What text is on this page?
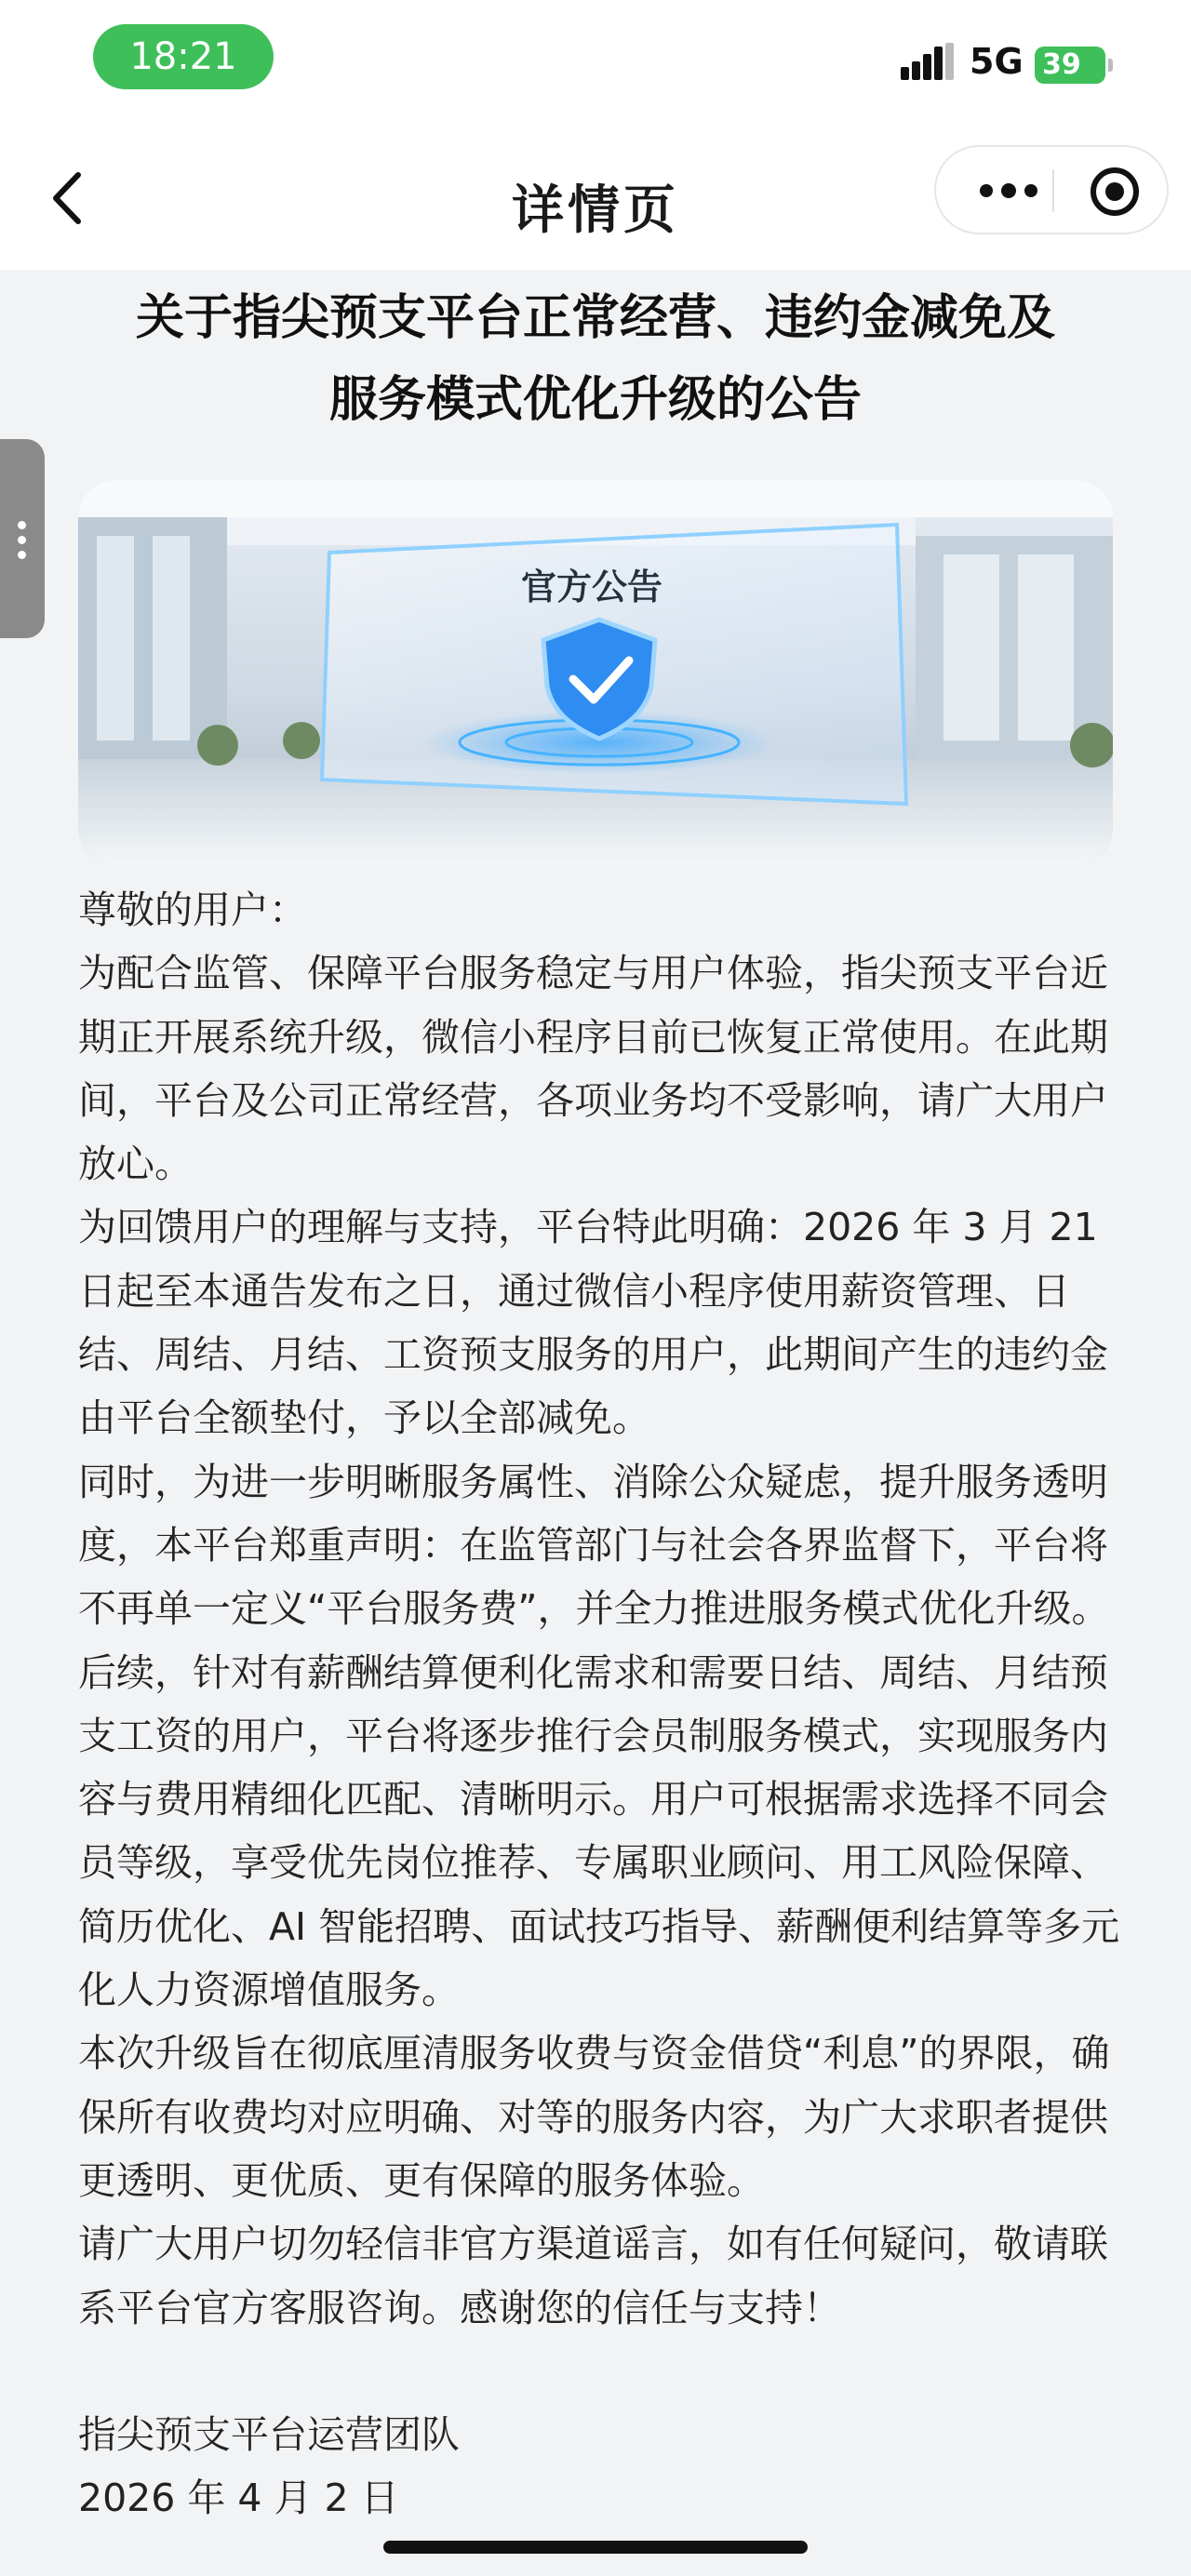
18:21	5G 39
详情页
关于指尖预支平台正常经营、违约金减免及
服务模式优化升级的公告
官方公告

尊敬的用户：

为配合监管、保障平台服务稳定与用户体验，指尖预支平台近期正开展系统升级，微信小程序目前已恢复正常使用。在此期间，平台及公司正常经营，各项业务均不受影响，请广大用户放心。

为回馈用户的理解与支持，平台特此明确：2026 年 3 月 21 日起至本通告发布之日，通过微信小程序使用薪资管理、日结、周结、月结、工资预支服务的用户，此期间产生的违约金由平台全额垫付，予以全部减免。

同时，为进一步明晰服务属性、消除公众疑虑，提升服务透明度，本平台郑重声明：在监管部门与社会各界监督下，平台将不再单一定义“平台服务费”，并全力推进服务模式优化升级。后续，针对有薪酬结算便利化需求和需要日结、周结、月结预支工资的用户，平台将逐步推行会员制服务模式，实现服务内容与费用精细化匹配、清晰明示。用户可根据需求选择不同会员等级，享受优先岗位推荐、专属职业顾问、用工风险保障、简历优化、AI 智能招聘、面试技巧指导、薪酬便利结算等多元化人力资源增值服务。

本次升级旨在彻底厘清服务收费与资金借贷“利息”的界限，确保所有收费均对应明确、对等的服务内容，为广大求职者提供更透明、更优质、更有保障的服务体验。

请广大用户切勿轻信非官方渠道谣言，如有任何疑问，敬请联系平台官方客服咨询。感谢您的信任与支持！

指尖预支平台运营团队

2026 年 4 月 2 日
